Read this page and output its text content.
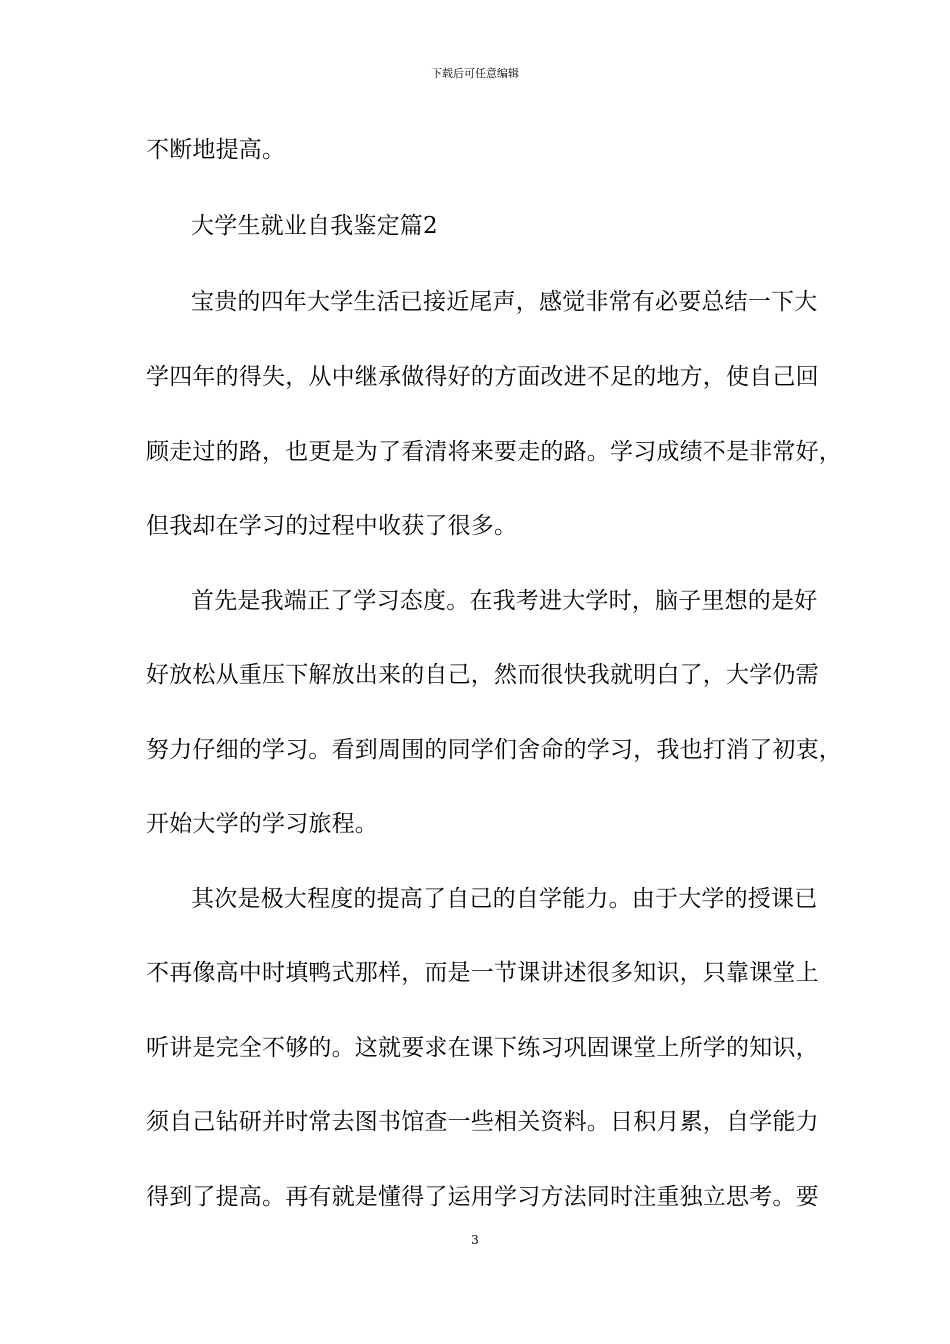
下载后可任意编辑
不断地提高。
大学生就业自我鉴定篇2
宝贵的四年大学生活已接近尾声，感觉非常有必要总结一下大
学四年的得失，从中继承做得好的方面改进不足的地方，使自己回
顾走过的路，也更是为了看清将来要走的路。学习成绩不是非常好，
但我却在学习的过程中收获了很多。
首先是我端正了学习态度。在我考进大学时，脑子里想的是好
好放松从重压下解放出来的自己，然而很快我就明白了，大学仍需
努力仔细的学习。看到周围的同学们舍命的学习，我也打消了初衷，
开始大学的学习旅程。
其次是极大程度的提高了自己的自学能力。由于大学的授课已
不再像高中时填鸭式那样，而是一节课讲述很多知识，只靠课堂上
听讲是完全不够的。这就要求在课下练习巩固课堂上所学的知识，
须自己钻研并时常去图书馆查一些相关资料。日积月累，自学能力
得到了提高。再有就是懂得了运用学习方法同时注重独立思考。要
3
